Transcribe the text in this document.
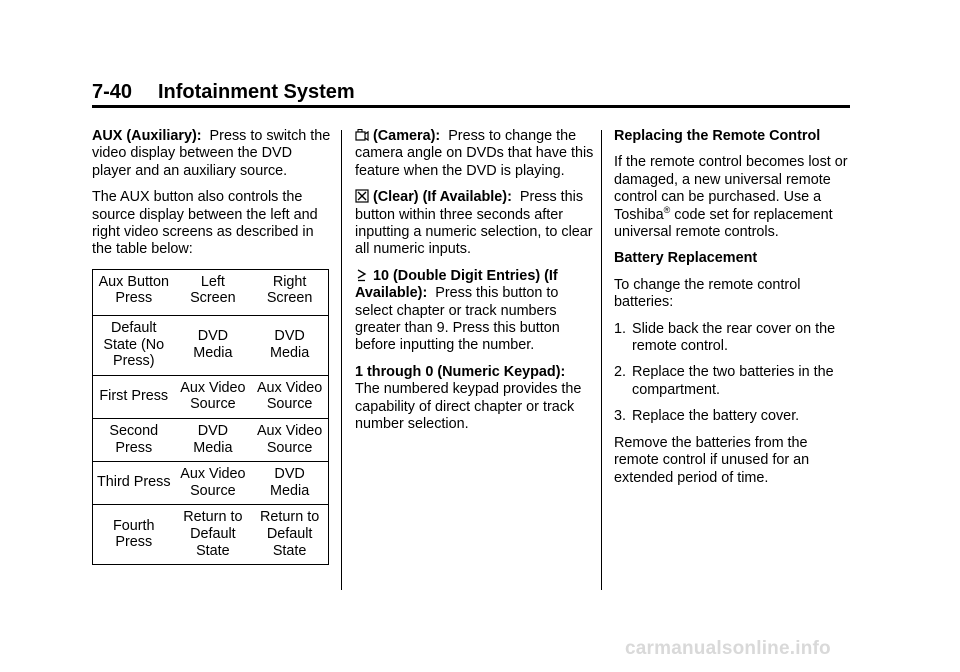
7-40 Infotainment System

AUX (Auxiliary): Press to switch the video display between the DVD player and an auxiliary source.

The AUX button also controls the source display between the left and right video screens as described in the table below:

Aux Button Press	Left Screen	Right Screen
Default State (No Press)	DVD Media	DVD Media
First Press	Aux Video Source	Aux Video Source
Second Press	DVD Media	Aux Video Source
Third Press	Aux Video Source	DVD Media
Fourth Press	Return to Default State	Return to Default State

(Camera): Press to change the camera angle on DVDs that have this feature when the DVD is playing.

(Clear) (If Available): Press this button within three seconds after inputting a numeric selection, to clear all numeric inputs.

10 (Double Digit Entries) (If Available): Press this button to select chapter or track numbers greater than 9. Press this button before inputting the number.

1 through 0 (Numeric Keypad):
The numbered keypad provides the capability of direct chapter or track number selection.

Replacing the Remote Control

If the remote control becomes lost or damaged, a new universal remote control can be purchased. Use a Toshiba® code set for replacement universal remote controls.

Battery Replacement

To change the remote control batteries:

1. Slide back the rear cover on the remote control.
2. Replace the two batteries in the compartment.
3. Replace the battery cover.

Remove the batteries from the remote control if unused for an extended period of time.

carmanualsonline.info
